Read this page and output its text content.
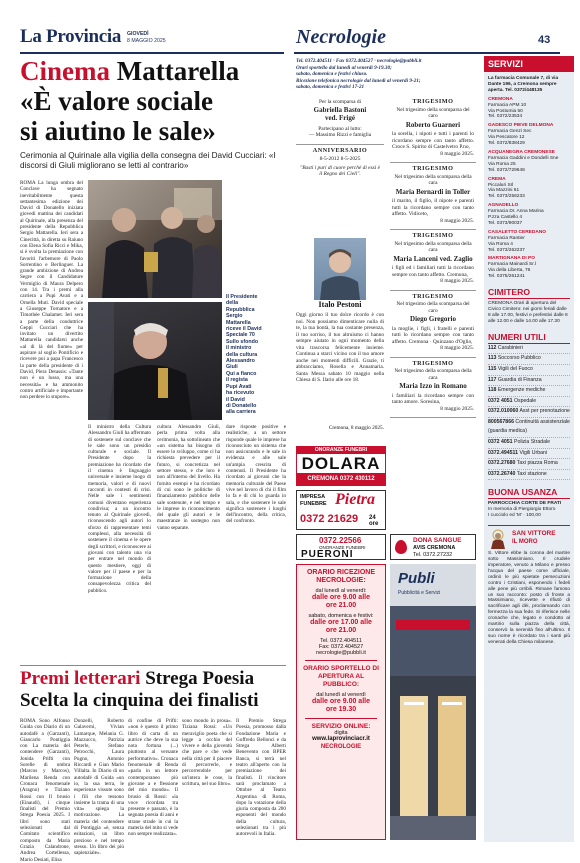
La Provincia GIOVEDÌ
8 MAGGIO 2025	Necrologie	43
Cinema Mattarella
«È valore sociale
si aiutino le sale»
Cerimonia al Quirinale alla vigilia della consegna dei David Cucciari: «I discorsi di Giuli migliorano se letti al contrario»
ROMA La lunga ombra del Conclave ha segnato inevitabilmente questa settantesima edizione dei David di Donatello iniziata giovedì mattina dei candidati al Quirinale, alla presenza del presidente della Repubblica Sergio Mattarella. Ieri sera a Cinecittà, in diretta su Raiuno con Elena Sofia Ricci e Mika, si è svolta la premiazione con favoriti l'arbemore di Paolo Sorrentino e Berlinguer. La grande ambizione di Andrea Segre con il Candidature Vermiglio di Maura Delpero con 14. Tra i premi alla carriera a Pupi Avati e a Ornella Muti. David speciale a Giuseppe Tornatore e a Timothée Chalamet. Ieri sera a parte della conduttrice Geppi Cucciari che ha invitato un divertito Mattarella candidarsi anche «al di là del fiume» per aspirare al soglio Pontificio e ricevere poi a papa Francesco la parte della presidente di i David, Piera Detassis: «Tante non è un lusso, ma una necessità» e ha ammonito contro artificiale e importante non perdere lo stupore».
Il Presidente
della
Repubblica
Sergio
Mattarella
riceve il David
Speciale 70
Sullo sfondo
il ministro
della cultura
Alessandro
Giuli
Qui a fianco
il regista
Pupi Avati
ha ricevuto
il David
di Donatello
alla carriera
Il ministro della Cultura Alessandro Giuli ha affermato di sostenere sul conclave che le sale sono un presidio culturale e sociale. Il Presidente dopo la premiazione ha ricordato che il cinema è linguaggio universale e insieme luogo di memoria, valori e di nuovi racconti in contesti di crisi. Nelle sale i sentimenti comuni diventano esperienza condivisa; a un incontro tenuto al Quirinale giovedì, riconoscendo agli autori lo sforzo di rappresentare temi complessi, alla necessità di sostenere il cinema e le opere degli scrittori, e riconoscere ai giovani con talento una via per entrare nel mondo di questo mestiere, oggi di valore per il paese e per la formazione della consapevolezza critica del pubblico.
cultura Alessandro Giuli, perla prima volta alla cerimonia, ha sottolineato che «un sistema ha bisogno di essere lo sviluppo, come ci ha richiesta prevedere per il futuro, si concretizza nel settore stesso, e che loro è non all'interno del livello. Ha fornito esempi e ha ricordato di cui sono le politiche di finanziamento pubblico delle sale sostenute, e nel tempo e le imprese in riconoscimento del quale gli autori e le maestranze in sostegno non vanno separate.
dare risposte positive e realistiche, a un settore risponde quale le imprese ha riconosciuto un sistema che non assicurando e le sale in evidenza e alle sale un'ampia crescita di contenuti. Il Presidente ha ricordato ai giovani che la memoria culturale del Paese vive nel lavoro di chi il film lo fa e di chi lo guarda in sala, e che sostenere le sale significa sostenere i luoghi dell'incontro, della critica, del confronto.
Premi letterari Strega Poesia
Scelta la cinquina dei finalisti
ROMA Sono Alfonso Guida con Diario di un autodafé a (Garzanti), Giancarlo Pontiggia con La materia del contendere (Garzanti), Jonida Prifti con Sorelle di ombra (Marcos y Marcos), Marilena Renda con Cronaca fenomenale (Aragno) e Tiziano Rossi con Il brusio (Einaudi), i cinque finalisti del Premio Strega Poesia 2025. I libri sono stati selezionati dal Comitato scientifico composto da Maria Grazia Calandrone, Andrea Cortellessa, Mario Desiati, Elisa
Donzelli, Roberto Galaverni, Vivian Lamarque, Melania G. Mazzucco, Patrizia Peterle, Stefano Petrocchi, Laura Pugno, Antonio Riccardi e Gian Mario Villalta. In Diario di un autodafé di Guida «un io, la sua terra, le esperienze vissute sono i fili che tessono insieme la trama di una vita» spiega la motivazione. La materia del contendere di Pontiggia «è, senza esitazioni, un libro prezioso e nel tempo stesso. Un libro dei più sapienziale».
di confine di Prifti: «non è questo il primo libro di carta di un autrice che deve la sua nota fortuna (...) piuttosto al versante performativo». Cronaca fenomenale di Renda «parla in un lettore contemporaneo più giovane a e flessione del mio mondo». Il brusio di Rossi: «la voce ricordata tra presente e passato, è la segnata poesia di anni e strane strade in cui la materia del mito si vede non sempre realizzata».
sono mondo in prosa». Tiziana Rossi: «Un meraviglio poeta che si legge a occhio del vivere e della gioventù che pare e che vede nella città per il piacere di percorrerle, e percorrendole per un'intera le cose, la scrittura, nel suo libro».
Il Premio Strega Poesia, promosso dalla Fondazione Maria e Goffredo Bellonci e da Strega Alberti Benevento con BPER Banca, si terrà nel teatro all'aperto con la premiazione dei finalisti. Il vincitore sarà proclamato a Ottobre al Teatro Argentina di Roma, dopo la votazione della giuria composta da 200 esponenti del mondo della cultura, selezionati tra i più autorevoli in Italia.
Tel. 0372.404511 · Fax 0372.404527 · necrologie@pubbli.it
Orari sportello dal lunedì al venerdì 9-19.30;
sabato, domenica e festivi chiuso.
Ricezione telefonica necrologie dal lunedì al venerdì 9-21;
sabato, domenica e festivi 17-21
Per la scomparsa di
Gabriella Bastoni
ved. Frigé
Partecipano al lutto:
— Massimo Rizzi e famiglia
ANNIVERSARIO
8-5-2012 8-5-2025
"Basti i puri di cuore perché di essi è il Regno dei Cieli".
Italo Pestoni
Oggi giorno il tuo dolce ricordo è con noi. Non possiamo dimenticare nulla di te, la tua bontà, la tua costante presenza, il tuo sorriso, il tuo altruismo ci hanno sempre aiutato in ogni momento della vita trascorsa felicemente insieme. Continua a starci vicino con il tuo amore anche nei momenti difficili. Grazie, ti abbracciamo, Rosella e Annamaria. Santa Messa sabato 10 maggio nella Chiesa di S. Ilario alle ore 18.
Cremona, 8 maggio 2025.
TRIGESIMO
Nel trigesimo della scomparsa del caro
Roberto Guarneri

la sorella, i nipoti e tutti i parenti lo ricordano sempre con tanto affetto. Croce S. Spirito di Castelvetro P.no,

8 maggio 2025.
TRIGESIMO
Nel trigesimo della scomparsa della cara
Maria Bernardi in Toller

il marito, il figlio, il nipote e parenti tutti la ricordano sempre con tanto affetto. Vidiceto,

8 maggio 2025.
TRIGESIMO
Nel trigesimo della scomparsa della cara
Maria Lanceni ved. Zaglio

i figli ed i familiari tutti la ricordano sempre con tanto affetto. Cremona,

8 maggio 2025.
TRIGESIMO
Nel trigesimo della scomparsa del caro
Diego Gregorio

la moglie, i figli, i fratelli e parenti tutti lo ricordano sempre con tanto affetto. Cremona · Quinzano d'Oglio,

8 maggio 2025.
TRIGESIMO
Nel trigesimo della scomparsa della cara
Maria Izzo in Romano

i familiari la ricordano sempre con tanto amore. Soresina,

8 maggio 2025.
ONORANZE FUNEBRI
DOLARA
CREMONA 0372 430112
IMPRESA FUNEBRE Pietra
0372 21629 24 ore
0372.22566
ONORANZE FUNEBRI
PUERONI
DONA SANGUE
AVIS CREMONA
Tel. 0372.27232
ORARIO RICEZIONE NECROLOGIE:
dal lunedì al venerdì:
dalle ore 9.00 alle ore 21.00
sabato, domenica e festivi:
dalle ore 17.00 alle ore 21.00
Tel. 0372.404511
Fax: 0372.404527
necrologie@pubbli.it
ORARIO SPORTELLO DI APERTURA AL PUBBLICO:
dal lunedì al venerdì
dalle ore 9.00 alle ore 19.30
SERVIZIO ONLINE:
digita
www.laprovinciacr.it
NECROLOGIE
Publi
Pubblicità e Servizi
SERVIZI
La farmacia Comunale 7, di via Dante 196, a Cremona sempre aperta. Tel. 0372/448135
CREMONA
Farmacia APM 10
Via Postumia 50
Tel. 0372/23534
GADESCO PIEVE DELMONA
Farmacia Genzi Sec
Via Pescatore 12
Tel. 0372/838429
ACQUANEGRA CREMONESE
Farmacia Gaddini e Dondelli Sne
Via Roma 25
Tel. 0372/729648
CREMA
Piccaluri Srl
Via Mazzini 61
Tel. 0373/256233
AGNADELLO
Farmacia Dr. Anna Marina
P.zza Castello 4
Tel. 0373/90037
CASALETTO CEREDANO
Farmacia Rantier
Via Roma 4
Tel. 0373/262237
MARTIGNANA DI PO
Farmacia Mainardi Sr.l
Via della Liberta, 76
Tel. 0375/261241
CIMITERO
CREMONA Orari di apertura del Civico Cimitero: nei giorni feriali dalle 8 alle 17.00, festivi e prefestivi dalle 8 alle 12.00 e dalle 14.00 alle 17.30
NUMERI UTILI
112 Carabinieri
113 Soccorso Pubblico
115 Vigili del Fuoco
117 Guardia di Finanza
118 Emergenze mediche
0372 4051 Ospedale
0372.010060 Asst per prenotazione
800567866 Continuità assistenziale (guardia medica)
0372 4051 Polizia Stradale
0372.494511 Vigili Urbani
0372.27680 Taxi piazza Roma
0372.26740 Taxi stazione
BUONA USANZA
PARROCCHIA CORTE DE FRATI
In memoria di Piergiorgio Ettoro
I cucciolo ed 'M' · 100,00
SAN VITTORE
IL MORO
S. Vittore ebbe la corona del martire sotto Massimiano. Il crudele imperatore, venuto a Milano e presso l'acqua del paese come ufficiale, ordinò le più spietate persecuzioni contro i Cristiani, esponendo i fedeli alle pene più orribili. Rimane famoso un suo racconto: posto di fronte a Massimiano, ricevette e rifiutò di sacrificare agli dèi, proclamando con fermezza la sua fede. Si riferisce nelle cronache che, legato e condotto al martirio sulla piazza della città, conservò la serenità fino all'ultimo. Il suo nome è ricordato tra i santi più venerati della Chiesa milanese.
